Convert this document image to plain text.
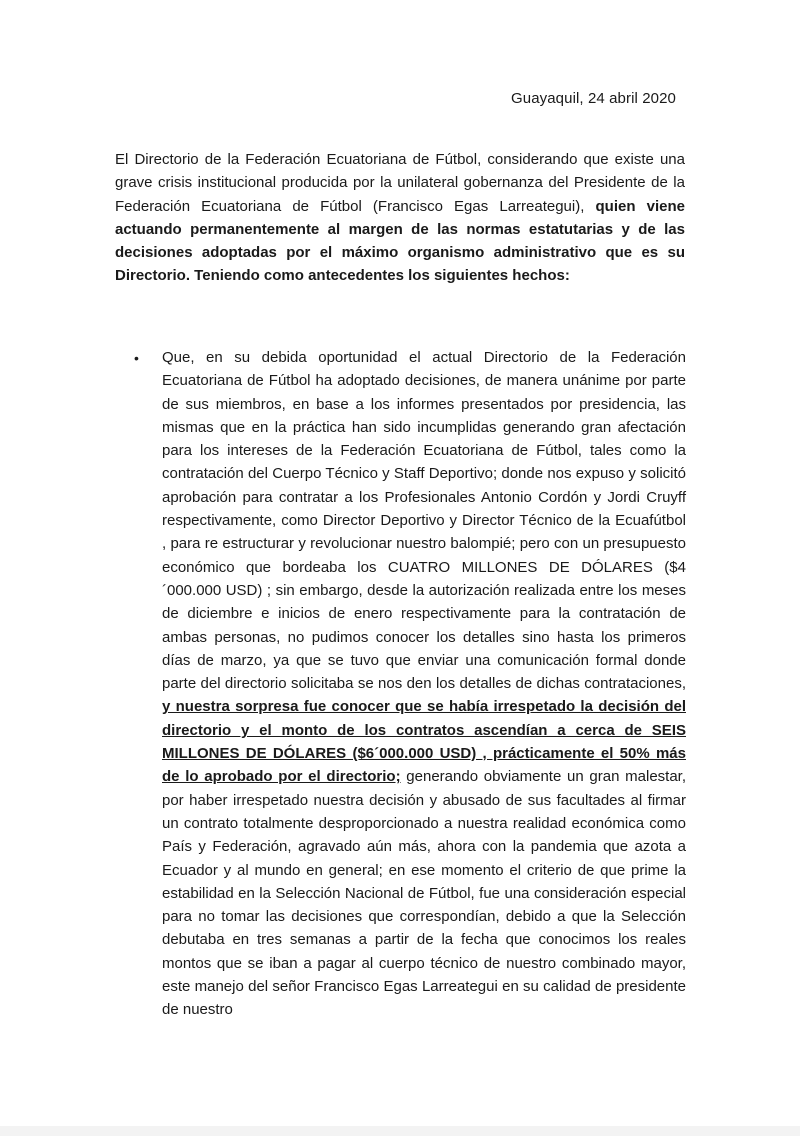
Guayaquil, 24 abril 2020

El Directorio de la Federación Ecuatoriana de Fútbol, considerando que existe una grave crisis institucional producida por la unilateral gobernanza del Presidente de la Federación Ecuatoriana de Fútbol (Francisco Egas Larreategui), quien viene actuando permanentemente al margen de las normas estatutarias y de las decisiones adoptadas por el máximo organismo administrativo que es su Directorio. Teniendo como antecedentes los siguientes hechos:

• Que, en su debida oportunidad el actual Directorio de la Federación Ecuatoriana de Fútbol ha adoptado decisiones, de manera unánime por parte de sus miembros, en base a los informes presentados por presidencia, las mismas que en la práctica han sido incumplidas generando gran afectación para los intereses de la Federación Ecuatoriana de Fútbol, tales como la contratación del Cuerpo Técnico y Staff Deportivo; donde nos expuso y solicitó aprobación para contratar a los Profesionales Antonio Cordón y Jordi Cruyff respectivamente, como Director Deportivo y Director Técnico de la Ecuafútbol , para re estructurar y revolucionar nuestro balompié; pero con un presupuesto económico que bordeaba los CUATRO MILLONES DE DÓLARES ($4´000.000 USD) ; sin embargo, desde la autorización realizada entre los meses de diciembre e inicios de enero respectivamente para la contratación de ambas personas, no pudimos conocer los detalles sino hasta los primeros días de marzo, ya que se tuvo que enviar una comunicación formal donde parte del directorio solicitaba se nos den los detalles de dichas contrataciones, y nuestra sorpresa fue conocer que se había irrespetado la decisión del directorio y el monto de los contratos ascendían a cerca de SEIS MILLONES DE DÓLARES ($6´000.000 USD) , prácticamente el 50% más de lo aprobado por el directorio; generando obviamente un gran malestar, por haber irrespetado nuestra decisión y abusado de sus facultades al firmar un contrato totalmente desproporcionado a nuestra realidad económica como País y Federación, agravado aún más, ahora con la pandemia que azota a Ecuador y al mundo en general; en ese momento el criterio de que prime la estabilidad en la Selección Nacional de Fútbol, fue una consideración especial para no tomar las decisiones que correspondían, debido a que la Selección debutaba en tres semanas a partir de la fecha que conocimos los reales montos que se iban a pagar al cuerpo técnico de nuestro combinado mayor, este manejo del señor Francisco Egas Larreategui en su calidad de presidente de nuestro
